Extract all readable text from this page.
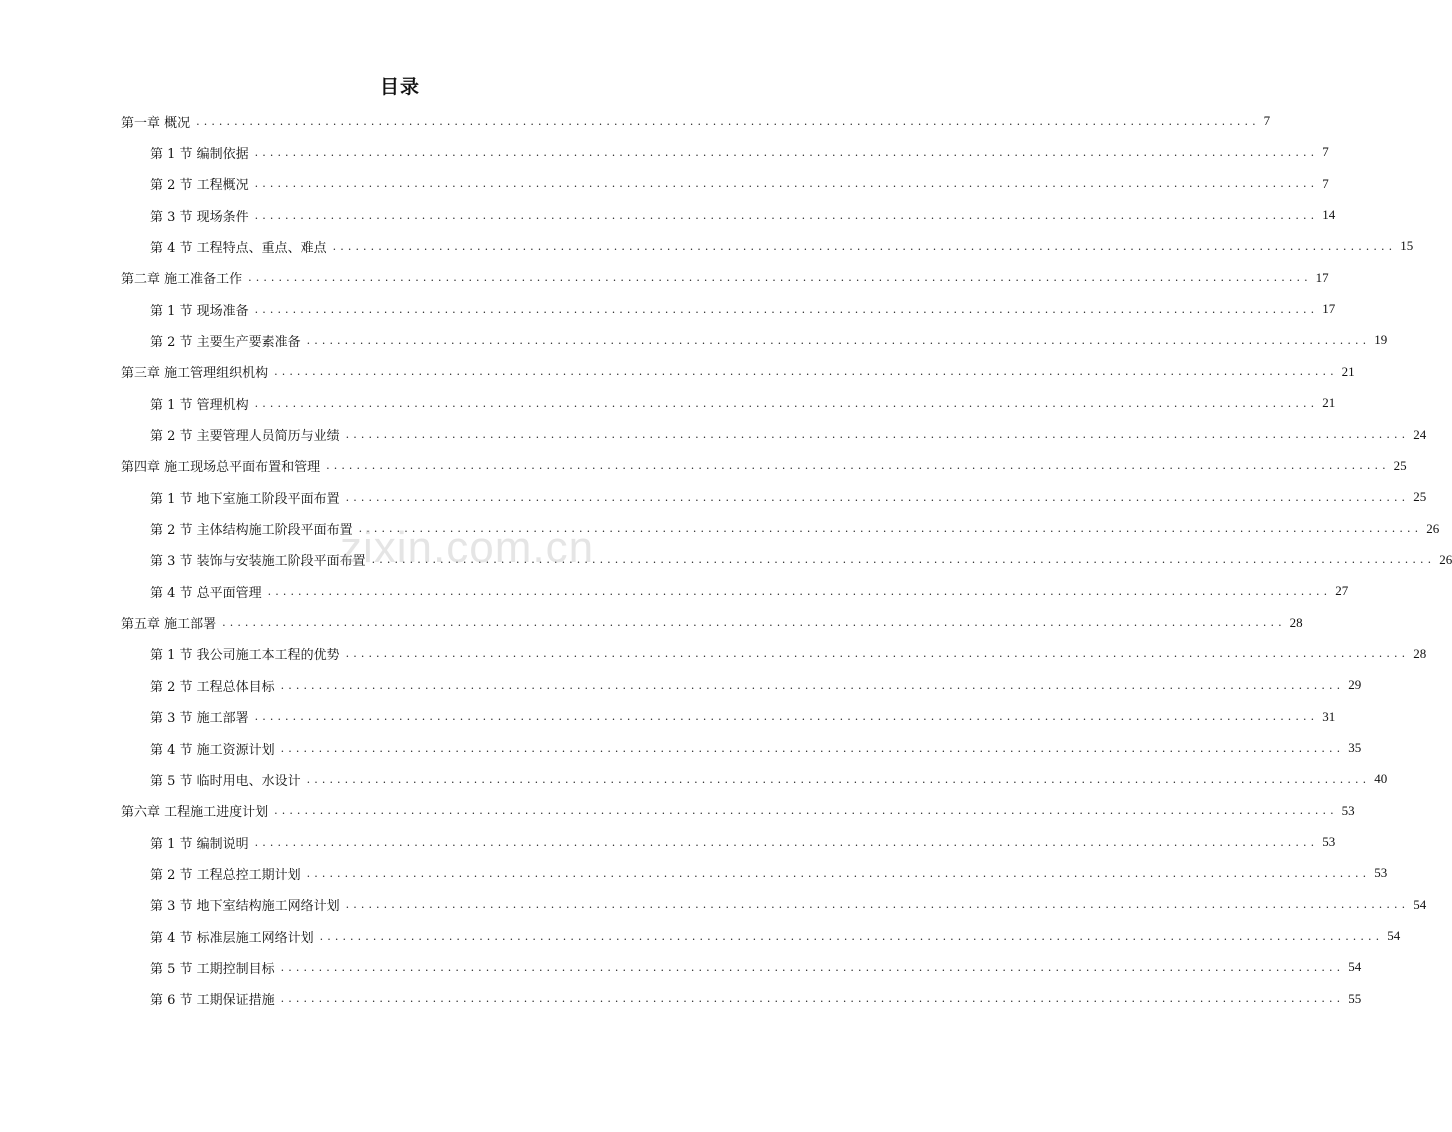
目录
第一章 概况 ............................................................................................................................................ 7
第 1 节 编制依据 ............................................................................................................................................ 7
第 2 节 工程概况 ............................................................................................................................................ 7
第 3 节 现场条件 ............................................................................................................................................ 14
第 4 节 工程特点、重点、难点 ............................................................................................................................................ 15
第二章 施工准备工作 ............................................................................................................................................ 17
第 1 节 现场准备 ............................................................................................................................................ 17
第 2 节 主要生产要素准备 ............................................................................................................................................ 19
第三章 施工管理组织机构 ............................................................................................................................................ 21
第 1 节 管理机构 ............................................................................................................................................ 21
第 2 节 主要管理人员简历与业绩 ............................................................................................................................................ 24
第四章 施工现场总平面布置和管理 ............................................................................................................................................ 25
第 1 节 地下室施工阶段平面布置 ............................................................................................................................................ 25
第 2 节 主体结构施工阶段平面布置 ............................................................................................................................................ 26
第 3 节 装饰与安装施工阶段平面布置 ............................................................................................................................................ 26
第 4 节 总平面管理 ............................................................................................................................................ 27
第五章 施工部署 ............................................................................................................................................ 28
第 1 节 我公司施工本工程的优势 ............................................................................................................................................ 28
第 2 节 工程总体目标 ............................................................................................................................................ 29
第 3 节 施工部署 ............................................................................................................................................ 31
第 4 节 施工资源计划 ............................................................................................................................................ 35
第 5 节 临时用电、水设计 ............................................................................................................................................ 40
第六章 工程施工进度计划 ............................................................................................................................................ 53
第 1 节 编制说明 ............................................................................................................................................ 53
第 2 节 工程总控工期计划 ............................................................................................................................................ 53
第 3 节 地下室结构施工网络计划 ............................................................................................................................................ 54
第 4 节 标准层施工网络计划 ............................................................................................................................................ 54
第 5 节 工期控制目标 ............................................................................................................................................ 54
第 6 节 工期保证措施 ............................................................................................................................................ 55
zixin.com.cn
